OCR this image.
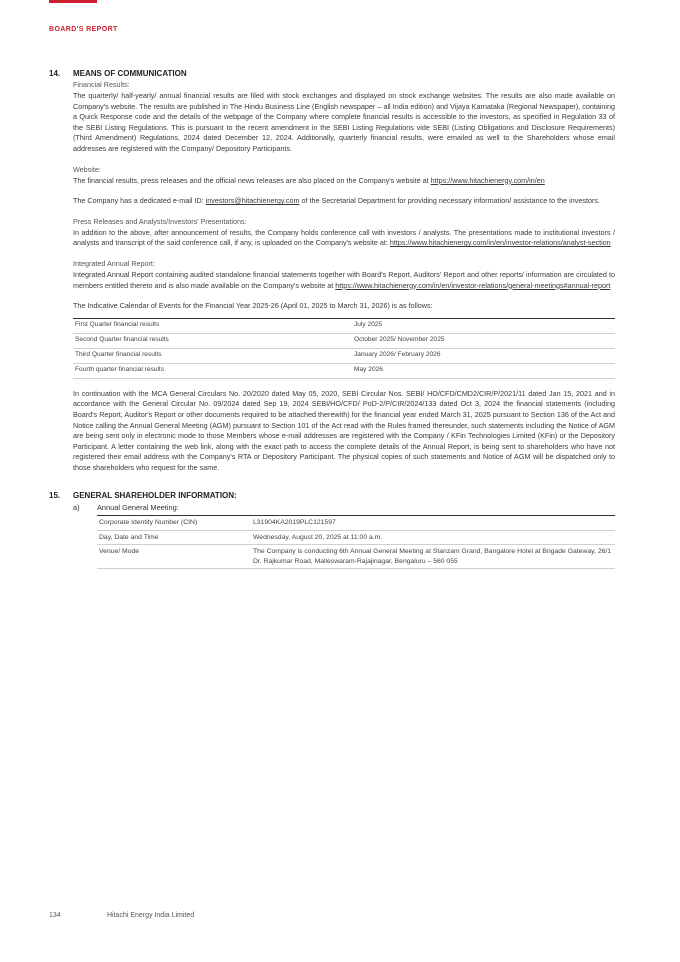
BOARD'S REPORT
14.	MEANS OF COMMUNICATION
Financial Results:

The quarterly/ half-yearly/ annual financial results are filed with stock exchanges and displayed on stock exchange websites. The results are also made available on Company's website. The results are published in The Hindu Business Line (English newspaper – all India edition) and Vijaya Karnataka (Regional Newspaper), containing a Quick Response code and the details of the webpage of the Company where complete financial results is accessible to the investors, as specified in Regulation 33 of the SEBI Listing Regulations. This is pursuant to the recent amendment in the SEBI Listing Regulations vide SEBI (Listing Obligations and Disclosure Requirements) (Third Amendment) Regulations, 2024 dated December 12, 2024. Additionally, quarterly financial results, were emailed as well to the Shareholders whose email addresses are registered with the Company/ Depository Participants.

Website:

The financial results, press releases and the official news releases are also placed on the Company's website at https://www.hitachienergy.com/in/en

The Company has a dedicated e-mail ID: investors@hitachienergy.com of the Secretarial Department for providing necessary information/ assistance to the investors.

Press Releases and Analysts/Investors' Presentations:

In addition to the above, after announcement of results, the Company holds conference call with investors / analysts. The presentations made to institutional investors / analysts and transcript of the said conference call, if any, is uploaded on the Company's website at: https://www.hitachienergy.com/in/en/investor-relations/analyst-section

Integrated Annual Report:

Integrated Annual Report containing audited standalone financial statements together with Board's Report, Auditors' Report and other reports/ information are circulated to members entitled thereto and is also made available on the Company's website at https://www.hitachienergy.com/in/en/investor-relations/general-meetings#annual-report

The Indicative Calendar of Events for the Financial Year 2025-26 (April 01, 2025 to March 31, 2026) is as follows:

First Quarter financial results	July 2025
Second Quarter financial results	October 2025/ November 2025
Third Quarter financial results	January 2026/ February 2026
Fourth quarter financial results	May 2026

In continuation with the MCA General Circulars No. 20/2020 dated May 05, 2020, SEBI Circular Nos. SEBI/ HO/CFD/CMD2/CIR/P/2021/11 dated Jan 15, 2021 and in accordance with the General Circular No. 09/2024 dated Sep 19, 2024 SEBI/HO/CFD/ PoD-2/P/CIR/2024/133 dated Oct 3, 2024 the financial statements (including Board's Report, Auditor's Report or other documents required to be attached therewith) for the financial year ended March 31, 2025 pursuant to Section 136 of the Act and Notice calling the Annual General Meeting (AGM) pursuant to Section 101 of the Act read with the Rules framed thereunder, such statements including the Notice of AGM are being sent only in electronic mode to those Members whose e-mail addresses are registered with the Company / KFin Technologies Limited (KFin) or the Depository Participant. A letter containing the web link, along with the exact path to access the complete details of the Annual Report, is being sent to shareholders who have not registered their email address with the Company's RTA or Depository Participant. The physical copies of such statements and Notice of AGM will be dispatched only to those shareholders who request for the same.

15.	GENERAL SHAREHOLDER INFORMATION:
a)	Annual General Meeting:
Corporate Identity Number (CIN)	L31904KA2019PLC121597
Day, Date and Time	Wednesday, August 20, 2025 at 11:00 a.m.
Venue/ Mode	The Company is conducting 6th Annual General Meeting at Stanzam Grand, Bangalore Hotel at Brigade Gateway, 26/1 Dr. Rajkumar Road, Malleswaram-Rajajinagar, Bengaluru – 560 055
134	Hitachi Energy India Limited
